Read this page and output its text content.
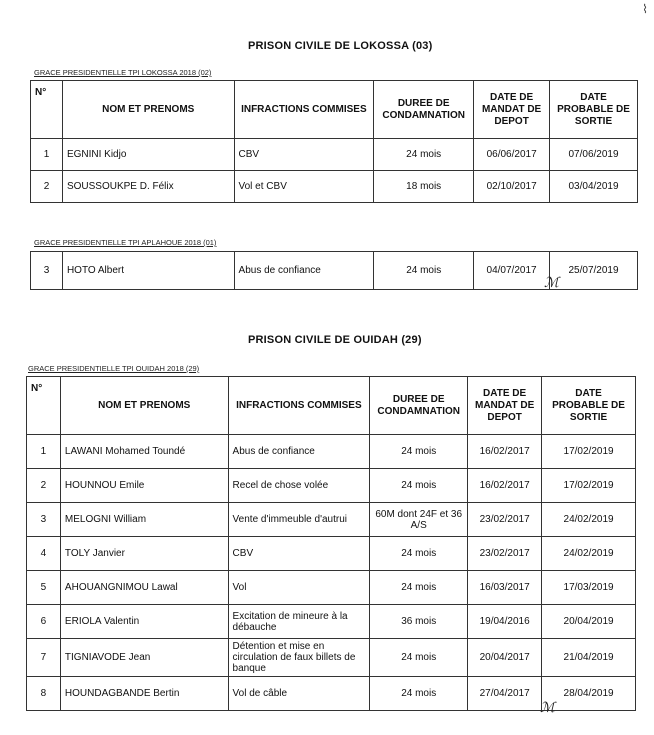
⌇
PRISON CIVILE DE LOKOSSA (03)
GRACE PRESIDENTIELLE TPI LOKOSSA 2018 (02)
N°	NOM ET PRENOMS	INFRACTIONS COMMISES	DUREE DE CONDAMNATION	DATE DE MANDAT DE DEPOT	DATE PROBABLE DE SORTIE
1	EGNINI Kidjo	CBV	24 mois	06/06/2017	07/06/2019
2	SOUSSOUKPE D. Félix	Vol et CBV	18 mois	02/10/2017	03/04/2019
GRACE PRESIDENTIELLE TPI APLAHOUE 2018 (01)
3	HOTO Albert	Abus de confiance	24 mois	04/07/2017	25/07/2019
ℳ
PRISON CIVILE DE OUIDAH (29)
GRACE PRESIDENTIELLE TPI OUIDAH 2018 (29)
N°	NOM ET PRENOMS	INFRACTIONS COMMISES	DUREE DE CONDAMNATION	DATE DE MANDAT DE DEPOT	DATE PROBABLE DE SORTIE
1	LAWANI Mohamed Toundé	Abus de confiance	24 mois	16/02/2017	17/02/2019
2	HOUNNOU Emile	Recel de chose volée	24 mois	16/02/2017	17/02/2019
3	MELOGNI William	Vente d'immeuble d'autrui	60M dont 24F et 36 A/S	23/02/2017	24/02/2019
4	TOLY Janvier	CBV	24 mois	23/02/2017	24/02/2019
5	AHOUANGNIMOU Lawal	Vol	24 mois	16/03/2017	17/03/2019
6	ERIOLA Valentin	Excitation de mineure à la débauche	36 mois	19/04/2016	20/04/2019
7	TIGNIAVODE Jean	Détention et mise en circulation de faux billets de banque	24 mois	20/04/2017	21/04/2019
8	HOUNDAGBANDE Bertin	Vol de câble	24 mois	27/04/2017	28/04/2019
ℳ
